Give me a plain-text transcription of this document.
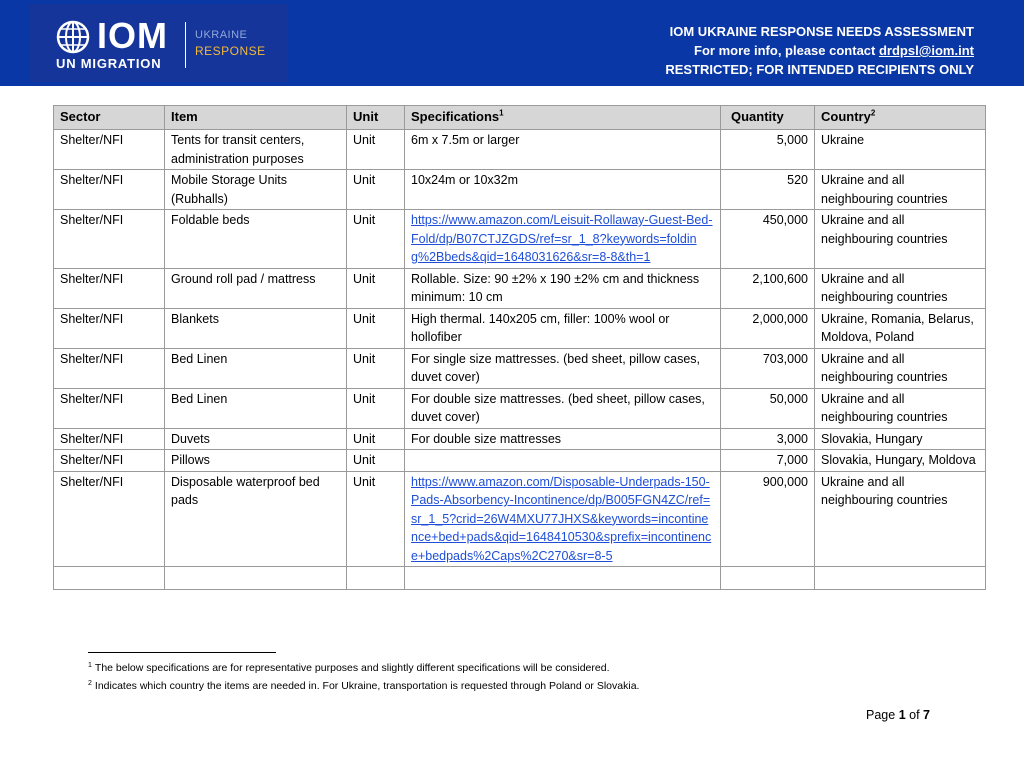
IOM
UN MIGRATION
UKRAINE
RESPONSE
IOM UKRAINE RESPONSE NEEDS ASSESSMENT
For more info, please contact drdpsl@iom.int
RESTRICTED; FOR INTENDED RECIPIENTS ONLY
Sector	Item	Unit	Specifications$^1$	Quantity	Country$^2$
Shelter/NFI	Tents for transit centers, administration purposes	Unit	6m x 7.5m or larger	5,000	Ukraine
Shelter/NFI	Mobile Storage Units (Rubhalls)	Unit	10x24m or 10x32m	520	Ukraine and all neighbouring countries
Shelter/NFI	Foldable beds	Unit	https://www.amazon.com/Leisuit-Rollaway-Guest-Bed-Fold/dp/B07CTJZGDS/ref=sr_1_8?keywords=folding%2Bbeds&qid=1648031626&sr=8-8&th=1	450,000	Ukraine and all neighbouring countries
Shelter/NFI	Ground roll pad / mattress	Unit	Rollable. Size: 90 ±2% x 190 ±2% cm and thickness minimum: 10 cm	2,100,600	Ukraine and all neighbouring countries
Shelter/NFI	Blankets	Unit	High thermal. 140x205 cm, filler: 100% wool or hollofiber	2,000,000	Ukraine, Romania, Belarus, Moldova, Poland
Shelter/NFI	Bed Linen	Unit	For single size mattresses. (bed sheet, pillow cases, duvet cover)	703,000	Ukraine and all neighbouring countries
Shelter/NFI	Bed Linen	Unit	For double size mattresses. (bed sheet, pillow cases, duvet cover)	50,000	Ukraine and all neighbouring countries
Shelter/NFI	Duvets	Unit	For double size mattresses	3,000	Slovakia, Hungary
Shelter/NFI	Pillows	Unit		7,000	Slovakia, Hungary, Moldova
Shelter/NFI	Disposable waterproof bed pads	Unit	https://www.amazon.com/Disposable-Underpads-150-Pads-Absorbency-Incontinence/dp/B005FGN4ZC/ref=sr_1_5?crid=26W4MXU77JHXS&keywords=incontinence+bed+pads&qid=1648410530&sprefix=incontinence+bedpads%2Caps%2C270&sr=8-5	900,000	Ukraine and all neighbouring countries

$^1$ The below specifications are for representative purposes and slightly different specifications will be considered.
$^2$ Indicates which country the items are needed in. For Ukraine, transportation is requested through Poland or Slovakia.
Page 1 of 7
